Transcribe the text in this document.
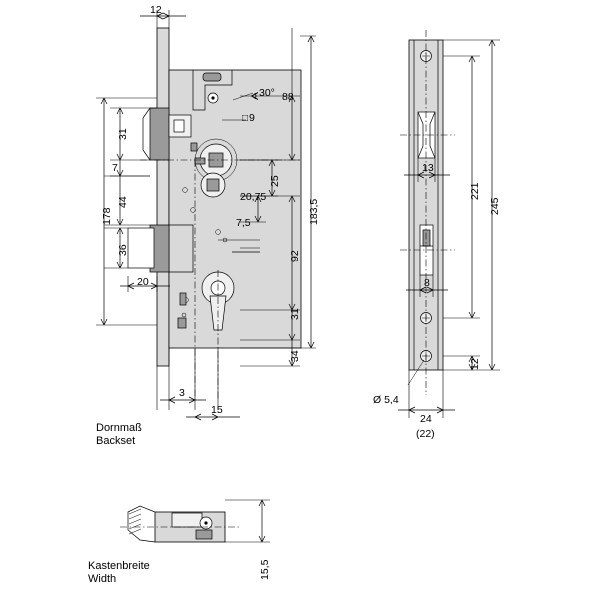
12
30°
∢ 88
9
□
31
7
44
178
36
20
25
20,75
183,5
92
7,5
31
34
3
15
Dornmaß
Backset
13
8
221
245
12
Ø 5,4
24
(22)
Kastenbreite
Width	15,5
